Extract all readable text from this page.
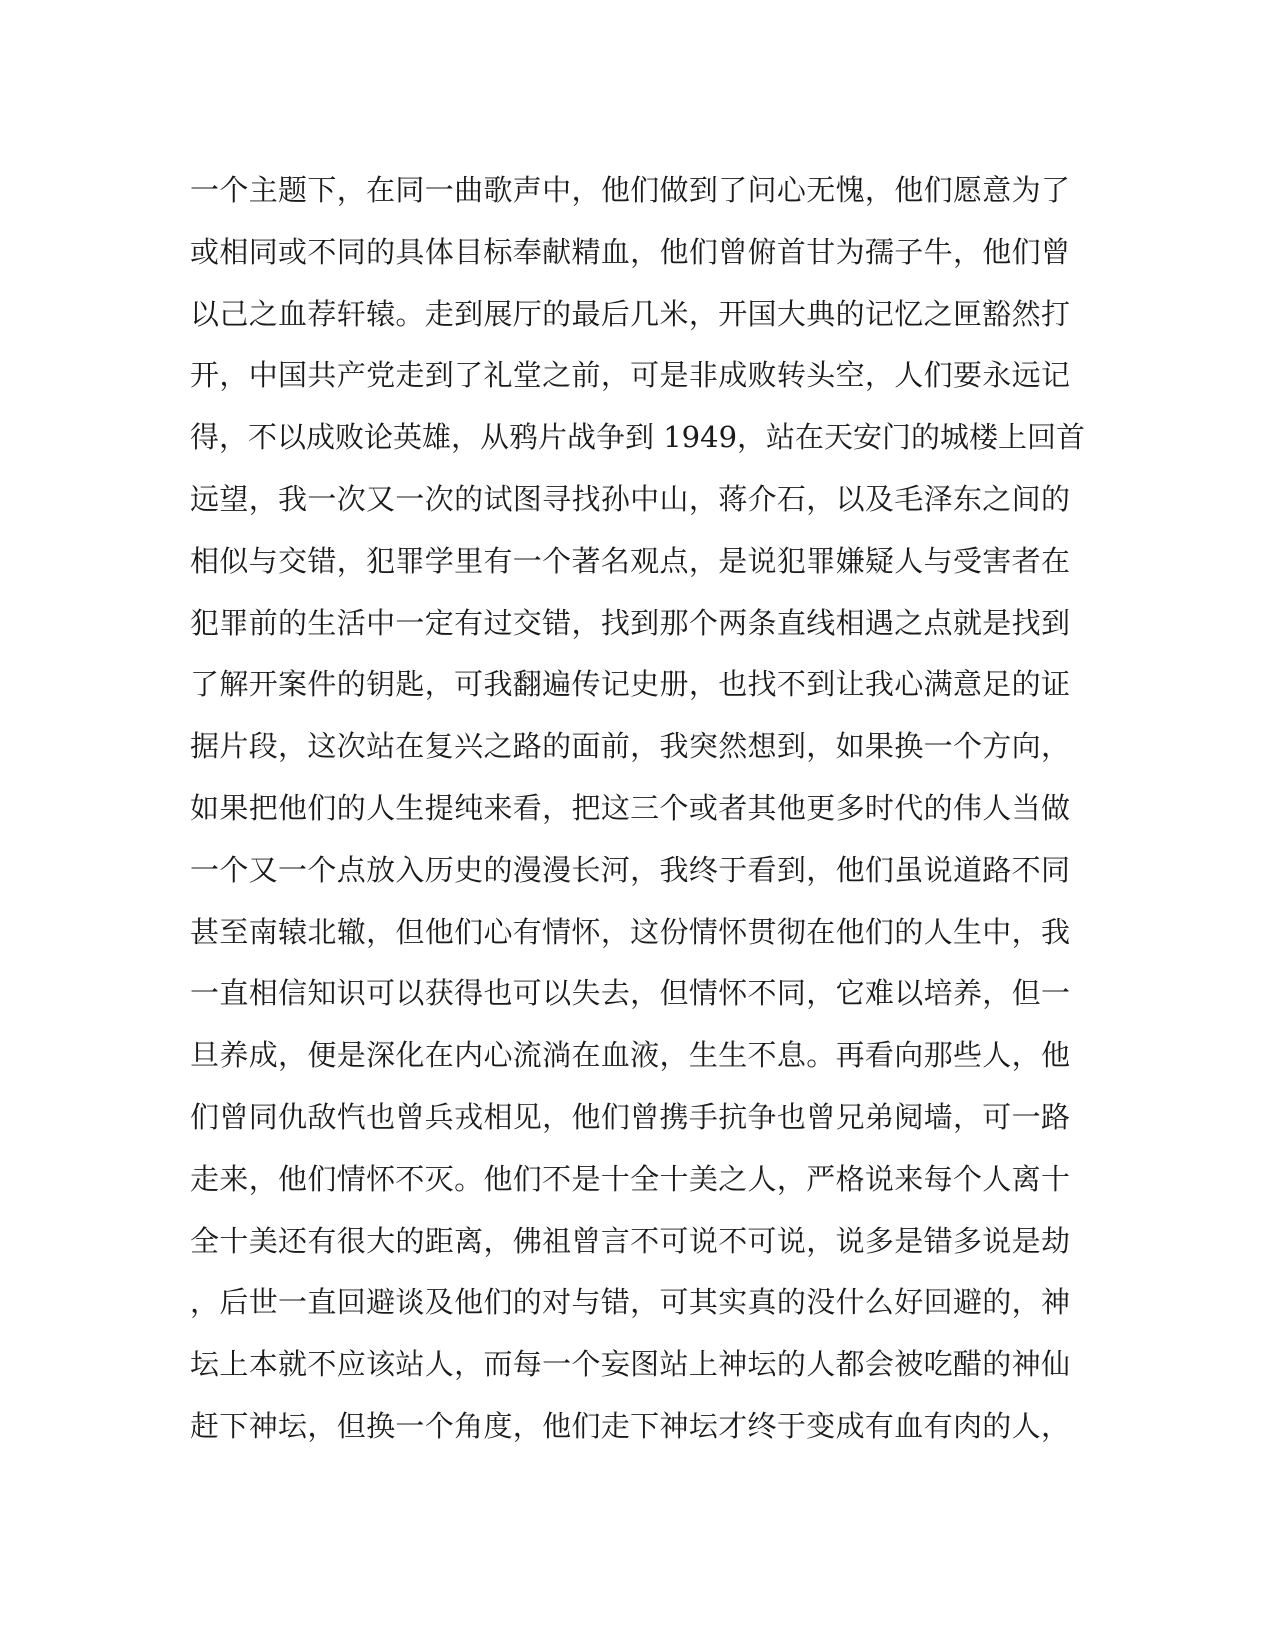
一个主题下，在同一曲歌声中，他们做到了问心无愧，他们愿意为了
或相同或不同的具体目标奉献精血，他们曾俯首甘为孺子牛，他们曾
以己之血荐轩辕。走到展厅的最后几米，开国大典的记忆之匣豁然打
开，中国共产党走到了礼堂之前，可是非成败转头空，人们要永远记
得，不以成败论英雄，从鸦片战争到 1949，站在天安门的城楼上回首
远望，我一次又一次的试图寻找孙中山，蒋介石，以及毛泽东之间的
相似与交错，犯罪学里有一个著名观点，是说犯罪嫌疑人与受害者在
犯罪前的生活中一定有过交错，找到那个两条直线相遇之点就是找到
了解开案件的钥匙，可我翻遍传记史册，也找不到让我心满意足的证
据片段，这次站在复兴之路的面前，我突然想到，如果换一个方向，
如果把他们的人生提纯来看，把这三个或者其他更多时代的伟人当做
一个又一个点放入历史的漫漫长河，我终于看到，他们虽说道路不同
甚至南辕北辙，但他们心有情怀，这份情怀贯彻在他们的人生中，我
一直相信知识可以获得也可以失去，但情怀不同，它难以培养，但一
旦养成，便是深化在内心流淌在血液，生生不息。再看向那些人，他
们曾同仇敌忾也曾兵戎相见，他们曾携手抗争也曾兄弟阋墙，可一路
走来，他们情怀不灭。他们不是十全十美之人，严格说来每个人离十
全十美还有很大的距离，佛祖曾言不可说不可说，说多是错多说是劫
，后世一直回避谈及他们的对与错，可其实真的没什么好回避的，神
坛上本就不应该站人，而每一个妄图站上神坛的人都会被吃醋的神仙
赶下神坛，但换一个角度，他们走下神坛才终于变成有血有肉的人，
